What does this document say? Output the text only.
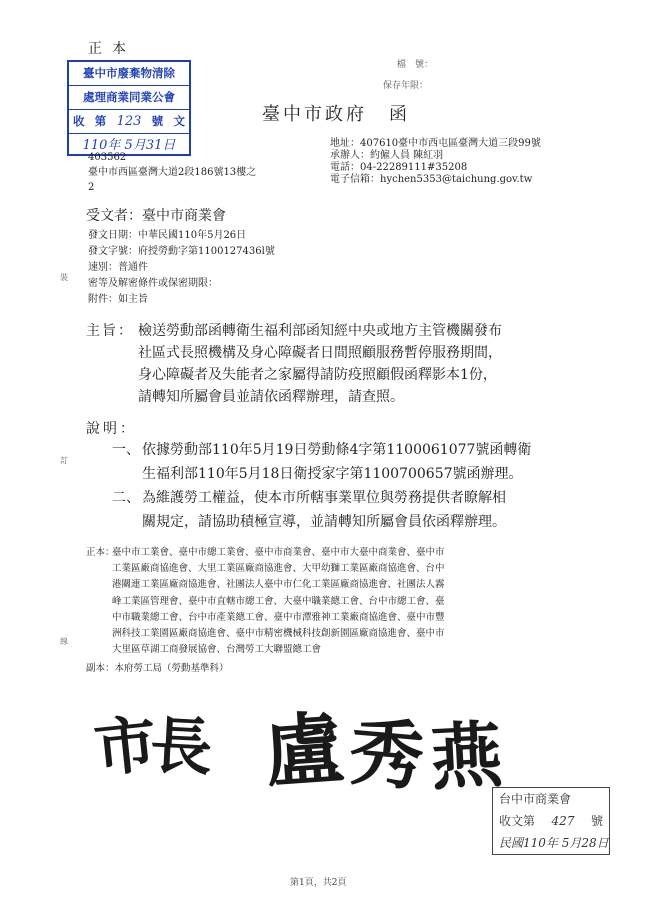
正本
臺中市廢棄物清除
處理商業同業公會
收 第 123 號 文
110年 5月31日
檔　號：
保存年限：
臺中市政府 函
403562
臺中市西區臺灣大道2段186號13樓之
2
地址：407610臺中市西屯區臺灣大道三段99號
承辦人：約僱人員 陳紅羽
電話：04-22289111#35208
電子信箱：hychen5353@taichung.gov.tw
受文者：臺中市商業會
發文日期：中華民國110年5月26日
發文字號：府授勞動字第1100127436l號
速別：普通件
密等及解密條件或保密期限：
附件：如主旨
裝
訂
線
主旨： 檢送勞動部函轉衛生福利部函知經中央或地方主管機關發布
社區式長照機構及身心障礙者日間照顧服務暫停服務期間，
身心障礙者及失能者之家屬得請防疫照顧假函釋影本1份，
請轉知所屬會員並請依函釋辦理，請查照。
說明：
一、 依據勞動部110年5月19日勞動條4字第1100061077號函轉衛
生福利部110年5月18日衛授家字第1100700657號函辦理。
二、 為維護勞工權益，使本市所轄事業單位與勞務提供者瞭解相
關規定，請協助積極宣導，並請轉知所屬會員依函釋辦理。
正本：
臺中市工業會、臺中市總工業會、臺中市商業會、臺中市大臺中商業會、臺中市
工業區廠商協進會、大里工業區廠商協進會、大甲幼獅工業區廠商協進會、台中
港關連工業區廠商協進會、社團法人臺中市仁化工業區廠商協進會、社團法人霧
峰工業區管理會、臺中市直轄市總工會、大臺中職業總工會、台中市總工會、臺
中市職業總工會、台中市產業總工會、臺中市潭雅神工業廠商協進會、臺中市豐
洲科技工業園區廠商協進會、臺中市精密機械科技創新園區廠商協進會、臺中市
大里區草湖工商發展協會、台灣勞工大聯盟總工會
副本：本府勞工局（勞動基準科）
市
長 盧 秀 燕
台中市商業會
收文第 427 號
民國110年 5月28日
第1頁，共2頁
